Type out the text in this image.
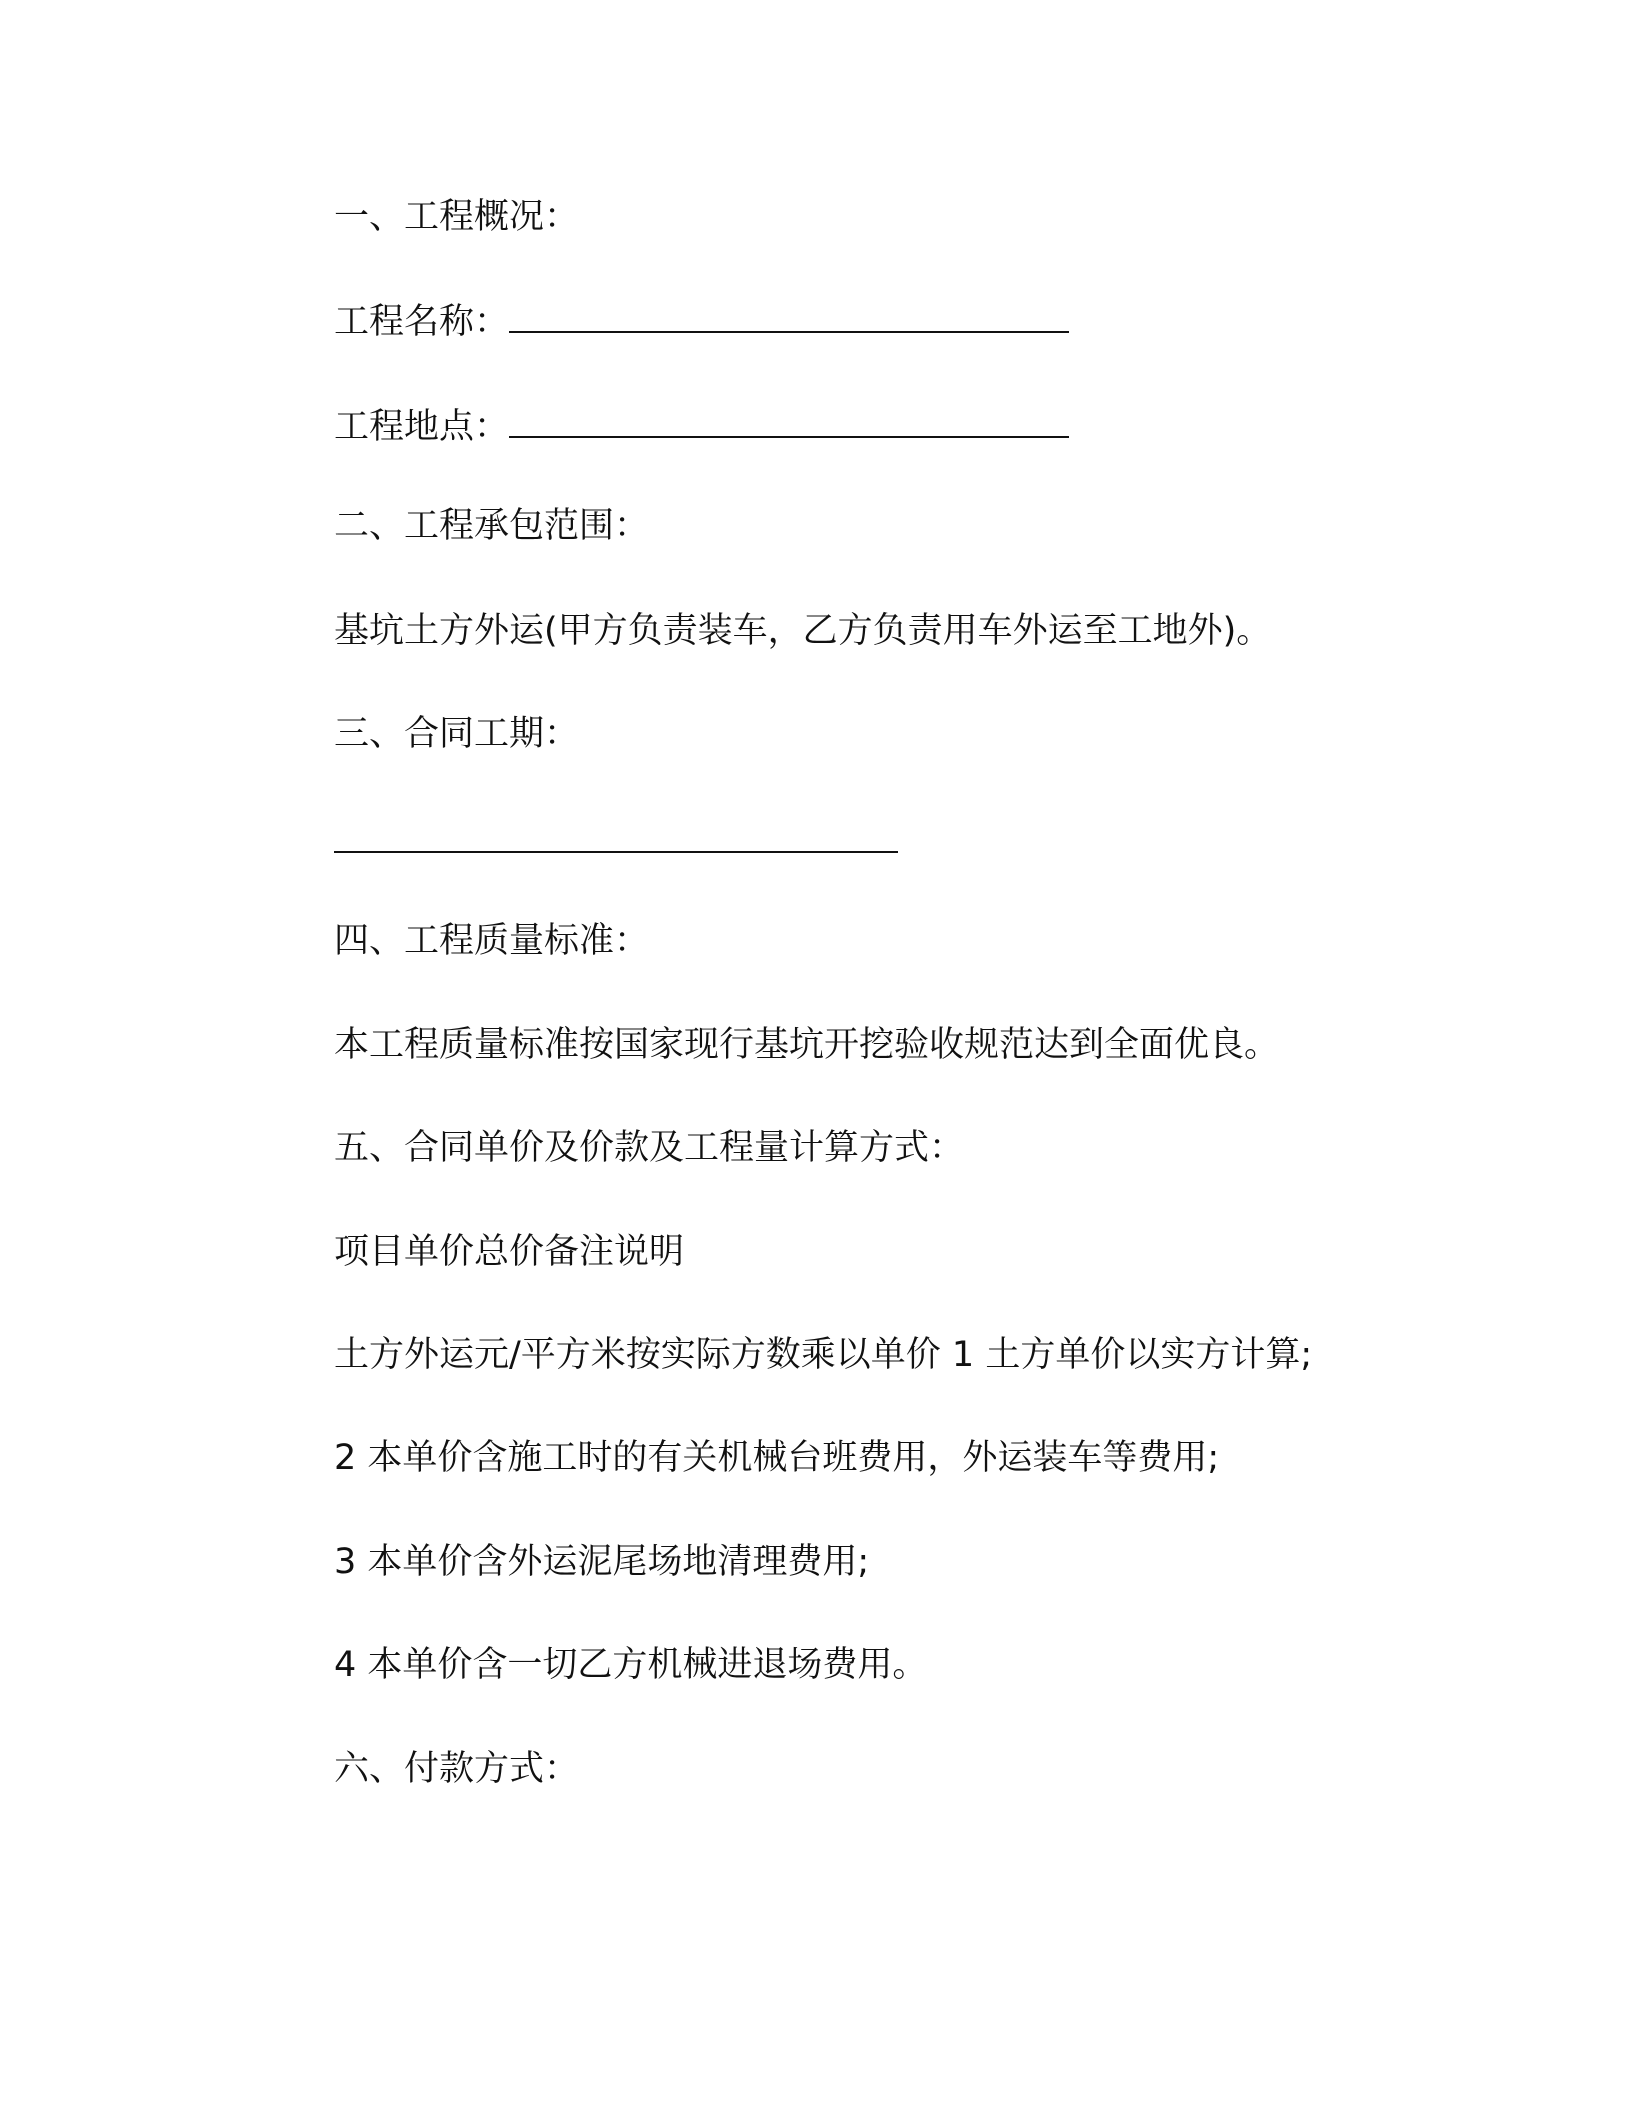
一、工程概况：
工程名称：
工程地点：
二、工程承包范围：
基坑土方外运(甲方负责装车，乙方负责用车外运至工地外)。
三、合同工期：
四、工程质量标准：
本工程质量标准按国家现行基坑开挖验收规范达到全面优良。
五、合同单价及价款及工程量计算方式：
项目单价总价备注说明
土方外运元/平方米按实际方数乘以单价 1 土方单价以实方计算;
2 本单价含施工时的有关机械台班费用，外运装车等费用;
3 本单价含外运泥尾场地清理费用;
4 本单价含一切乙方机械进退场费用。
六、付款方式：
